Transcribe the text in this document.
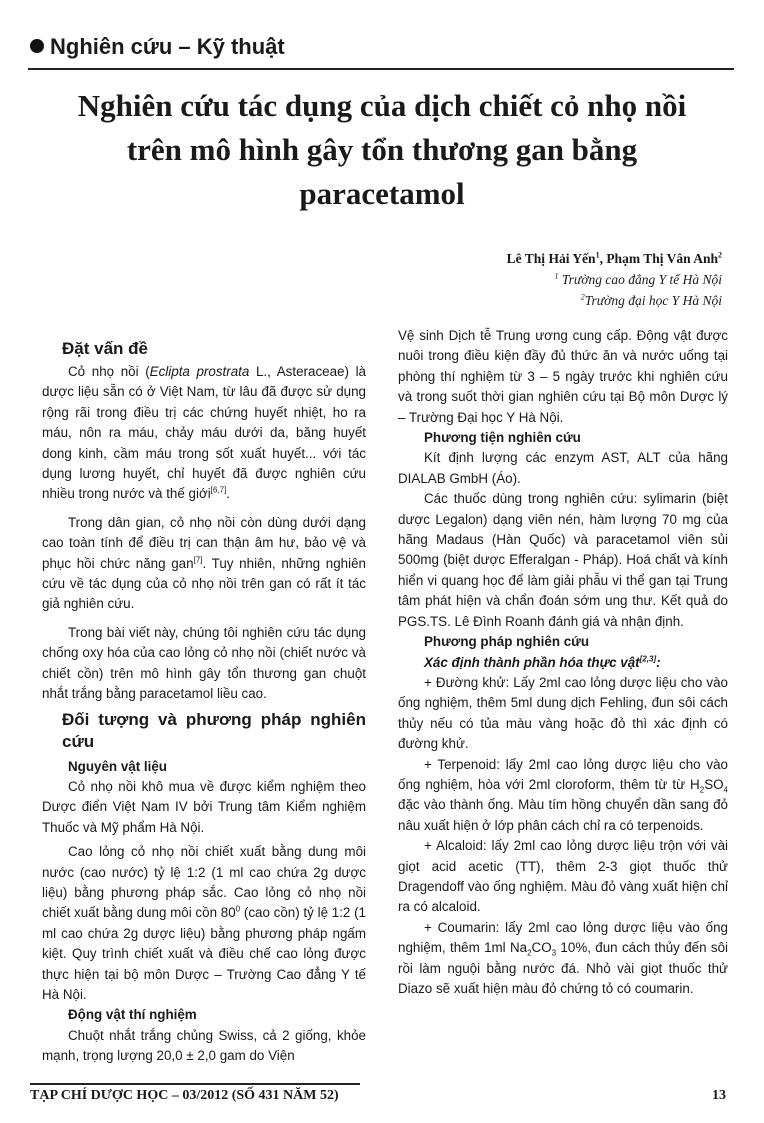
Nghiên cứu – Kỹ thuật
Nghiên cứu tác dụng của dịch chiết cỏ nhọ nồi trên mô hình gây tổn thương gan bằng paracetamol
Lê Thị Hải Yến$^1$, Phạm Thị Vân Anh$^2$
$^1$ Trường cao đẳng Y tế Hà Nội
$^2$Trường đại học Y Hà Nội
Đặt vấn đề

Cỏ nhọ nồi (Eclipta prostrata L., Asteraceae) là dược liệu sẵn có ở Việt Nam, từ lâu đã được sử dụng rộng rãi trong điều trị các chứng huyết nhiệt, ho ra máu, nôn ra máu, chảy máu dưới da, băng huyết dong kinh, cầm máu trong sốt xuất huyết... với tác dụng lương huyết, chỉ huyết đã được nghiên cứu nhiều trong nước và thế giới[6,7].

Trong dân gian, cỏ nhọ nồi còn dùng dưới dạng cao toàn tính để điều trị can thận âm hư, bảo vệ và phục hồi chức năng gan[7]. Tuy nhiên, những nghiên cứu về tác dụng của cỏ nhọ nồi trên gan có rất ít tác giả nghiên cứu.

Trong bài viết này, chúng tôi nghiên cứu tác dụng chống oxy hóa của cao lỏng cỏ nhọ nồi (chiết nước và chiết cồn) trên mô hình gây tổn thương gan chuột nhắt trắng bằng paracetamol liều cao.

Đối tượng và phương pháp nghiên cứu
Nguyên vật liệu

Cỏ nhọ nồi khô mua về được kiểm nghiệm theo Dược điển Việt Nam IV bởi Trung tâm Kiểm nghiệm Thuốc và Mỹ phẩm Hà Nội.

Cao lỏng cỏ nhọ nồi chiết xuất bằng dung môi nước (cao nước) tỷ lệ 1:2 (1 ml cao chứa 2g dược liệu) bằng phương pháp sắc. Cao lỏng cỏ nhọ nồi chiết xuất bằng dung môi cồn $80^0$ (cao cồn) tỷ lệ 1:2 (1 ml cao chứa 2g dược liệu) bằng phương pháp ngấm kiệt. Quy trình chiết xuất và điều chế cao lỏng được thực hiện tại bộ môn Dược – Trường Cao đẳng Y tế Hà Nội.

Động vật thí nghiệm

Chuột nhắt trắng chủng Swiss, cả 2 giống, khỏe mạnh, trọng lượng 20,0 ± 2,0 gam do Viện

Vệ sinh Dịch tễ Trung ương cung cấp. Động vật được nuôi trong điều kiện đầy đủ thức ăn và nước uống tại phòng thí nghiệm từ 3 – 5 ngày trước khi nghiên cứu và trong suốt thời gian nghiên cứu tại Bộ môn Dược lý – Trường Đại học Y Hà Nội.

Phương tiện nghiên cứu

Kít định lượng các enzym AST, ALT của hãng DIALAB GmbH (Áo).

Các thuốc dùng trong nghiên cứu: sylimarin (biệt dược Legalon) dạng viên nén, hàm lượng 70 mg của hãng Madaus (Hàn Quốc) và paracetamol viên sủi 500mg (biệt dược Efferalgan - Pháp). Hoá chất và kính hiển vi quang học để làm giải phẫu vi thể gan tại Trung tâm phát hiện và chẩn đoán sớm ung thư. Kết quả do PGS.TS. Lê Đình Roanh đánh giá và nhận định.

Phương pháp nghiên cứu
Xác định thành phần hóa thực vật[2,3]:

+ Đường khử: Lấy 2ml cao lỏng dược liệu cho vào ống nghiệm, thêm 5ml dung dịch Fehling, đun sôi cách thủy nếu có tủa màu vàng hoặc đỏ thì xác định có đường khử.

+ Terpenoid: lấy 2ml cao lỏng dược liệu cho vào ống nghiệm, hòa với 2ml cloroform, thêm từ từ $H_2SO_4$ đặc vào thành ống. Màu tím hồng chuyển dần sang đỏ nâu xuất hiện ở lớp phân cách chỉ ra có terpenoids.

+ Alcaloid: lấy 2ml cao lỏng dược liệu trộn với vài giọt acid acetic (TT), thêm 2-3 giọt thuốc thử Dragendoff vào ống nghiệm. Màu đỏ vàng xuất hiện chỉ ra có alcaloid.

+ Coumarin: lấy 2ml cao lỏng dược liệu vào ống nghiệm, thêm 1ml $Na_2CO_3$ 10%, đun cách thủy đến sôi rồi làm nguội bằng nước đá. Nhỏ vài giọt thuốc thử Diazo sẽ xuất hiện màu đỏ chứng tỏ có coumarin.

TẠP CHÍ DƯỢC HỌC – 03/2012 (SỐ 431 NĂM 52)	13
